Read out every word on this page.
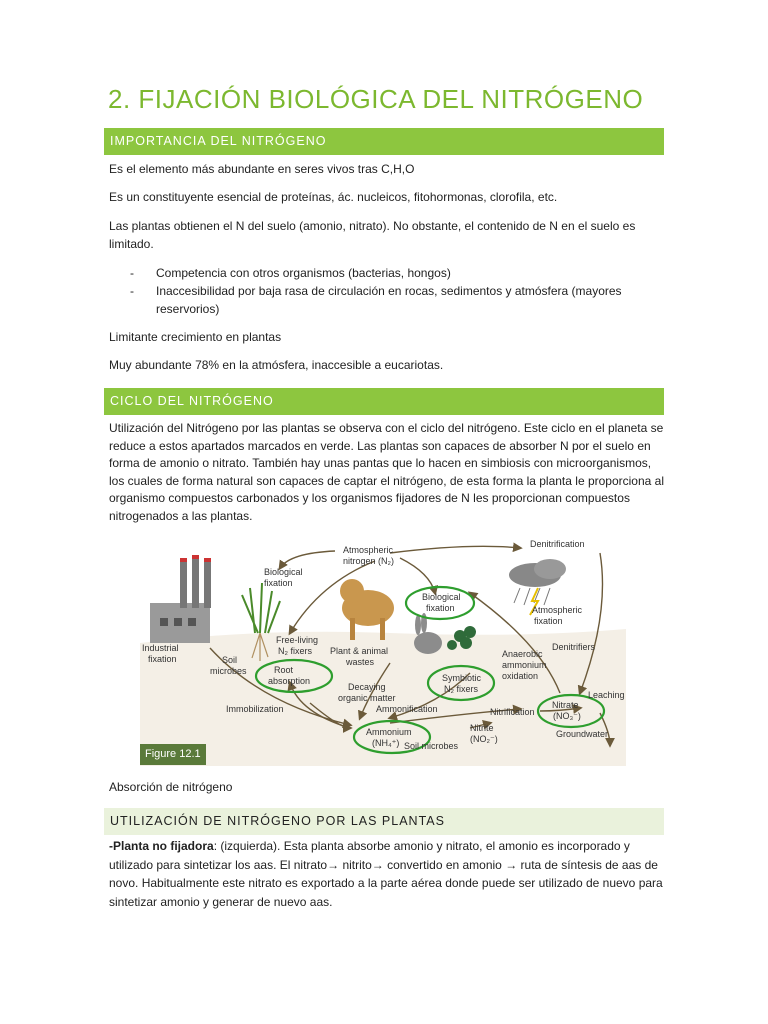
2. FIJACIÓN BIOLÓGICA DEL NITRÓGENO
IMPORTANCIA DEL NITRÓGENO

Es el elemento más abundante en seres vivos tras C,H,O

Es un constituyente esencial de proteínas, ác. nucleicos, fitohormonas, clorofila, etc.

Las plantas obtienen el N del suelo (amonio, nitrato). No obstante, el contenido de N en el suelo es limitado.

- Competencia con otros organismos (bacterias, hongos)
- Inaccesibilidad por baja rasa de circulación en rocas, sedimentos y atmósfera (mayores reservorios)

Limitante crecimiento en plantas

Muy abundante 78% en la atmósfera, inaccesible a eucariotas.

CICLO DEL NITRÓGENO

Utilización del Nitrógeno por las plantas se observa con el ciclo del nitrógeno. Este ciclo en el planeta se reduce a estos apartados marcados en verde. Las plantas son capaces de absorber N por el suelo en forma de amonio o nitrato. También hay unas pantas que lo hacen en simbiosis con microorganismos, los cuales de forma natural son capaces de captar el nitrógeno, de esta forma la planta le proporciona al organismo compuestos carbonados y los organismos fijadores de N les proporcionan compuestos nitrogenados a las plantas.

Denitrification
Atmospheric
nitrogen (N₂)
Biological
fixation
Biological
fixation	Atmospheric
fixation
Industrial
fixation
Free-living
N₂ fixers
Soil
microbes
Plant & animal
wastes
Root
absorption
Decaying
organic matter
Denitrifiers
Anaerobic
ammonium
oxidation
Symbiotic
N₂ fixers
Leaching
Immobilization	Ammonification	Nitrification
Nitrate
(NO₃⁻)
Ammonium
(NH₄⁺)
Nitrite
(NO₂⁻)
Soil microbes
Groundwater
Figure 12.1

Absorción de nitrógeno

UTILIZACIÓN DE NITRÓGENO POR LAS PLANTAS

-Planta no fijadora: (izquierda). Esta planta absorbe amonio y nitrato, el amonio es incorporado y utilizado para sintetizar los aas. El nitrato→ nitrito→ convertido en amonio → ruta de síntesis de aas de novo. Habitualmente este nitrato es exportado a la parte aérea donde puede ser utilizado de nuevo para sintetizar amonio y generar de nuevo aas.
